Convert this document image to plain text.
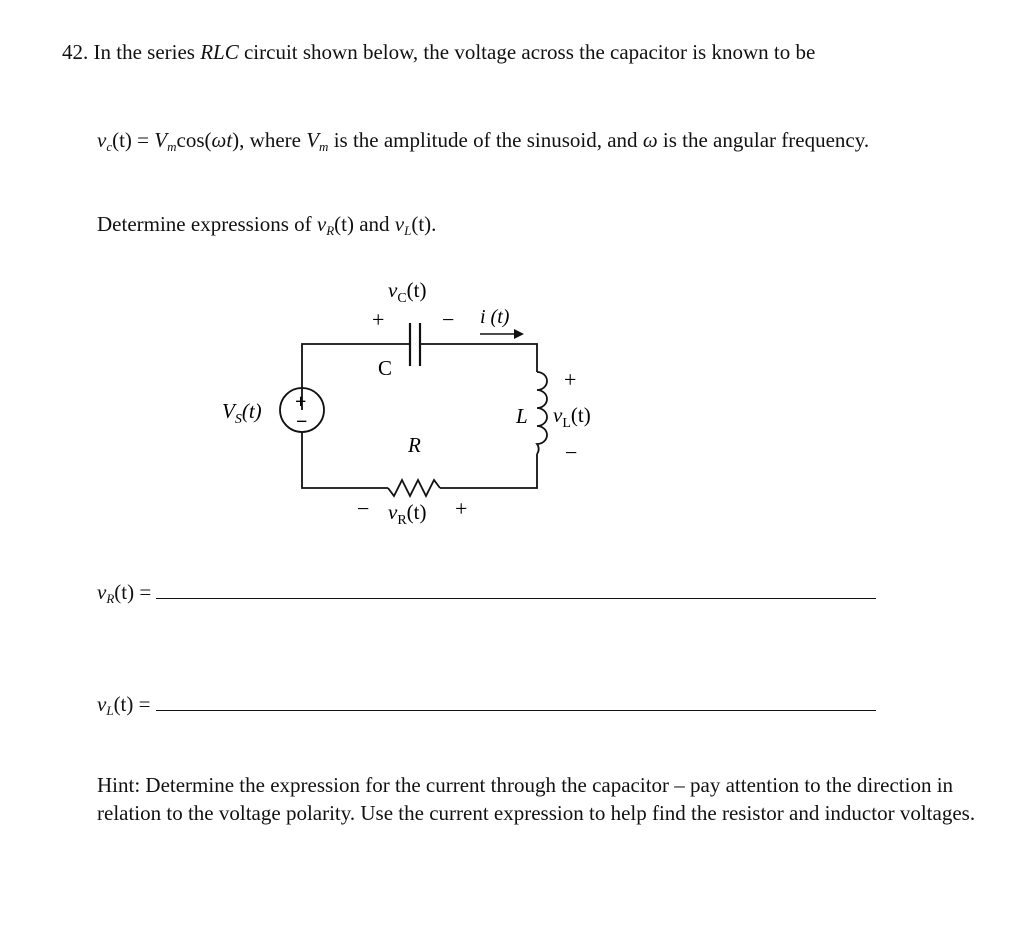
42. In the series RLC circuit shown below, the voltage across the capacitor is known to be
$v_c(t) = V_m\cos(\omega t)$, where $V_m$ is the amplitude of the sinusoid, and ω is the angular frequency.
Determine expressions of $v_R(t)$ and $v_L(t)$.
$v_C(t)$
+	− i (t)
C
$V_S(t)$ +
−
R
L
+
$v_L(t)$
−
− $v_R(t)$ +
$v_R(t)$ =
$v_L(t)$ =
Hint: Determine the expression for the current through the capacitor – pay attention to the direction in relation to the voltage polarity. Use the current expression to help find the resistor and inductor voltages.
